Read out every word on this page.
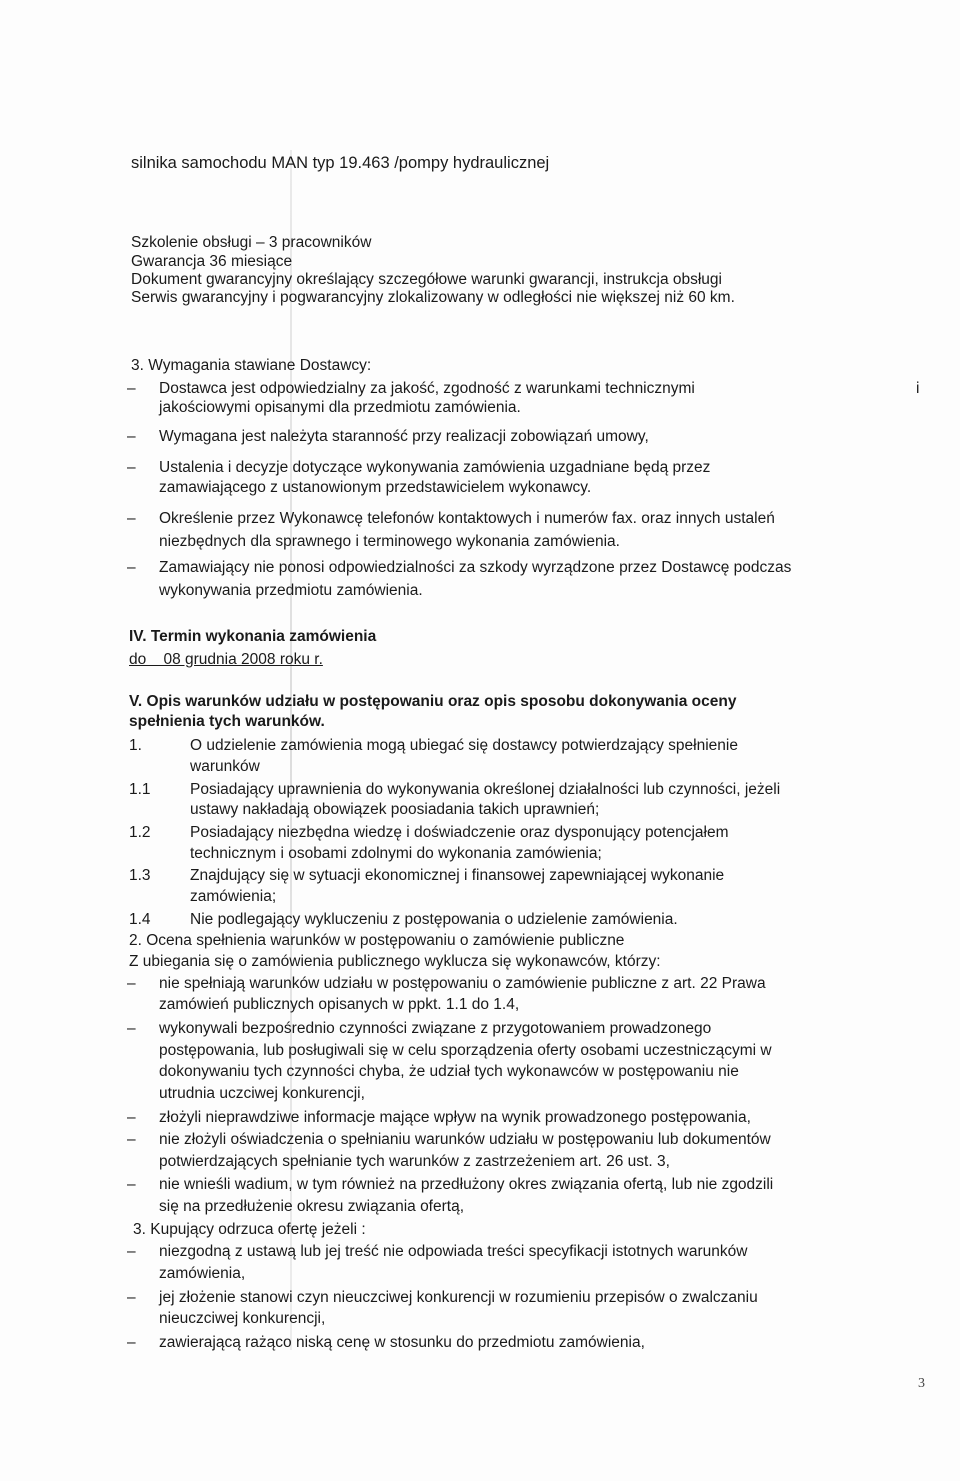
silnika samochodu MAN typ 19.463 /pompy hydraulicznej
Szkolenie obsługi – 3 pracowników
Gwarancja 36 miesiące
Dokument gwarancyjny określający szczegółowe warunki gwarancji, instrukcja obsługi
Serwis gwarancyjny i pogwarancyjny zlokalizowany w odległości nie większej niż 60 km.
3. Wymagania stawiane Dostawcy:
– Dostawca jest odpowiedzialny za jakość, zgodność z warunkami technicznymi	i
jakościowymi opisanymi dla przedmiotu zamówienia.
– Wymagana jest należyta staranność przy realizacji zobowiązań umowy,
– Ustalenia i decyzje dotyczące wykonywania zamówienia uzgadniane będą przez
zamawiającego z ustanowionym przedstawicielem wykonawcy.
– Określenie przez Wykonawcę telefonów kontaktowych i numerów fax. oraz innych ustaleń
niezbędnych dla sprawnego i terminowego wykonania zamówienia.
– Zamawiający nie ponosi odpowiedzialności za szkody wyrządzone przez Dostawcę podczas
wykonywania przedmiotu zamówienia.
IV. Termin wykonania zamówienia
do    08 grudnia 2008 roku r.
V. Opis warunków udziału w postępowaniu oraz opis sposobu dokonywania oceny
spełnienia tych warunków.
1.	O udzielenie zamówienia mogą ubiegać się dostawcy potwierdzający spełnienie
warunków
1.1	Posiadający uprawnienia do wykonywania określonej działalności lub czynności, jeżeli
ustawy nakładają obowiązek poosiadania takich uprawnień;
1.2	Posiadający niezbędna wiedzę i doświadczenie oraz dysponujący potencjałem
technicznym i osobami zdolnymi do wykonania zamówienia;
1.3	Znajdujący się w sytuacji ekonomicznej i finansowej zapewniającej wykonanie
zamówienia;
1.4	Nie podlegający wykluczeniu z postępowania o udzielenie zamówienia.
2. Ocena spełnienia warunków w postępowaniu o zamówienie publiczne
Z ubiegania się o zamówienia publicznego wyklucza się wykonawców, którzy:
– nie spełniają warunków udziału w postępowaniu o zamówienie publiczne z art. 22 Prawa
zamówień publicznych opisanych w ppkt. 1.1 do 1.4,
– wykonywali bezpośrednio czynności związane z przygotowaniem prowadzonego
postępowania, lub posługiwali się w celu sporządzenia oferty osobami uczestniczącymi w
dokonywaniu tych czynności chyba, że udział tych wykonawców w postępowaniu nie
utrudnia uczciwej konkurencji,
– złożyli nieprawdziwe informacje mające wpływ na wynik prowadzonego postępowania,
– nie złożyli oświadczenia o spełnianiu warunków udziału w postępowaniu lub dokumentów
potwierdzających spełnianie tych warunków z zastrzeżeniem art. 26 ust. 3,
– nie wnieśli wadium, w tym również na przedłużony okres związania ofertą, lub nie zgodzili
się na przedłużenie okresu związania ofertą,
3. Kupujący odrzuca ofertę jeżeli :
– niezgodną z ustawą lub jej treść nie odpowiada treści specyfikacji istotnych warunków
zamówienia,
– jej złożenie stanowi czyn nieuczciwej konkurencji w rozumieniu przepisów o zwalczaniu
nieuczciwej konkurencji,
– zawierającą rażąco niską cenę w stosunku do przedmiotu zamówienia,
3
